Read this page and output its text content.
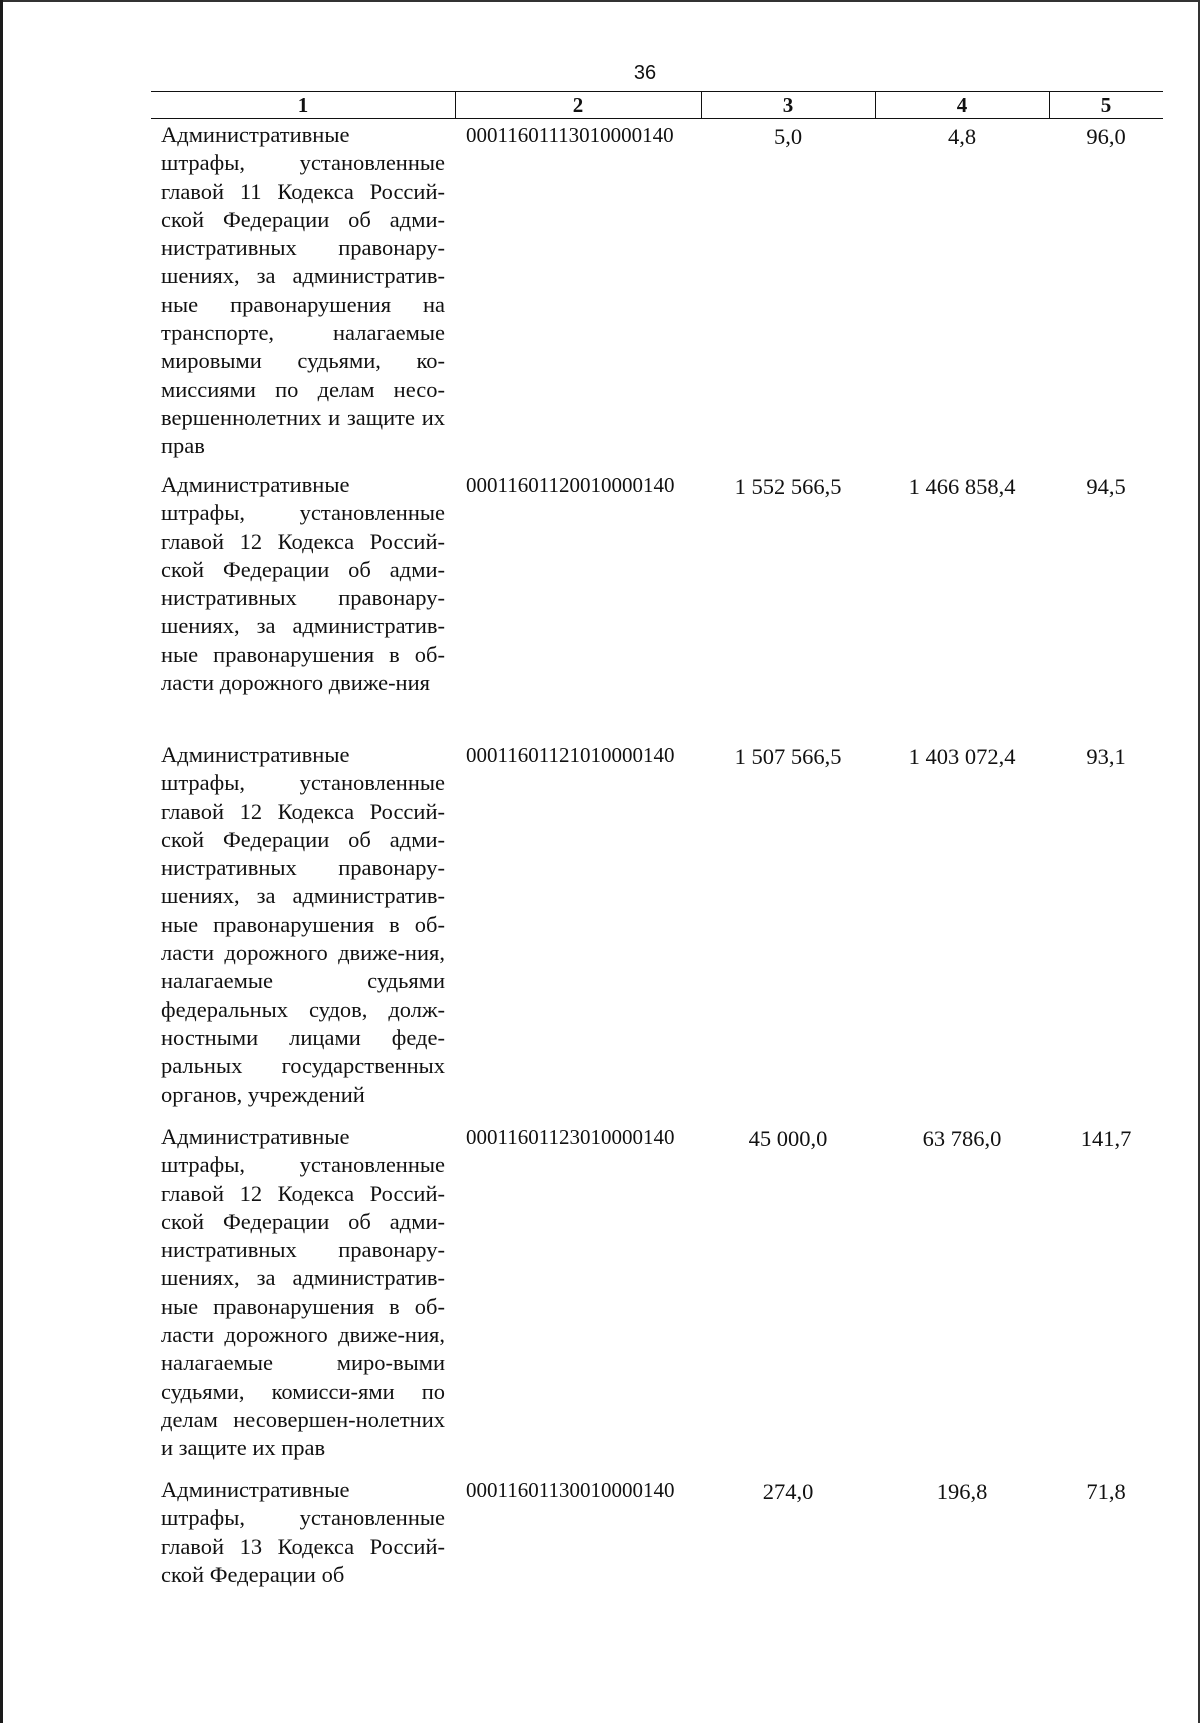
36
1	2	3	4	5
Административные
штрафы, установленные главой 11 Кодекса Россий-ской Федерации об адми-нистративных правонару-шениях, за административ-ные правонарушения на транспорте, налагаемые мировыми судьями, ко-миссиями по делам несо-вершеннолетних и защите их прав
00011601113010000140	5,0	4,8	96,0
Административные
штрафы, установленные главой 12 Кодекса Россий-ской Федерации об адми-нистративных правонару-шениях, за административ-ные правонарушения в об-ласти дорожного движе-ния
00011601120010000140	1 552 566,5	1 466 858,4	94,5
Административные
штрафы, установленные главой 12 Кодекса Россий-ской Федерации об адми-нистративных правонару-шениях, за административ-ные правонарушения в об-ласти дорожного движе-ния, налагаемые судьями федеральных судов, долж-ностными лицами феде-ральных государственных органов, учреждений
00011601121010000140	1 507 566,5	1 403 072,4	93,1
Административные
штрафы, установленные главой 12 Кодекса Россий-ской Федерации об адми-нистративных правонару-шениях, за административ-ные правонарушения в об-ласти дорожного движе-ния, налагаемые миро-выми судьями, комисси-ями по делам несовершен-нолетних и защите их прав
00011601123010000140	45 000,0	63 786,0	141,7
Административные
штрафы, установленные главой 13 Кодекса Россий-ской Федерации об
00011601130010000140	274,0	196,8	71,8
